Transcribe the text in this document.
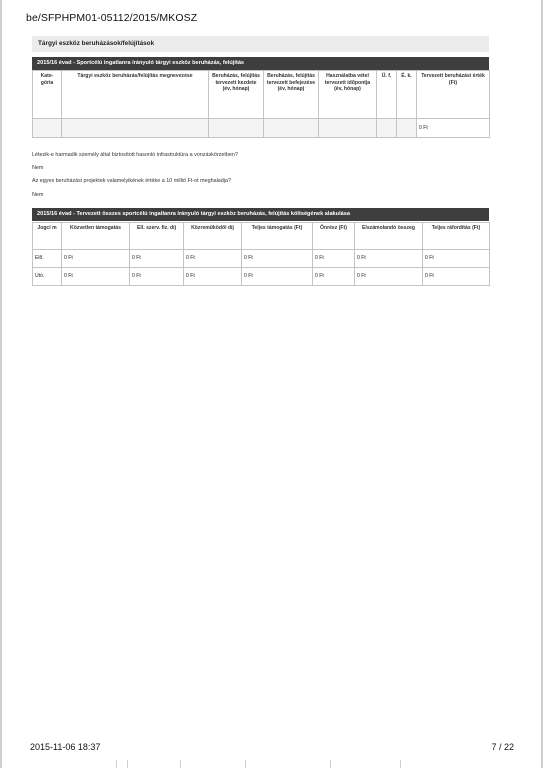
be/SFPHPM01-05112/2015/MKOSZ
Tárgyi eszköz beruházások/felújítások
2015/16 évad - Sportcélú ingatlanra irányuló tárgyi eszköz beruházás, felújítás
Kate-gória	Tárgyi eszköz beruházás/felújítás megnevezése	Beruházás, felújítás tervezett kezdete (év, hónap)	Beruházás, felújítás tervezett befejezése (év, hónap)	Használatba vétel tervezett időpontja (év, hónap)	Ü. f.	É. k.	Tervezett beruházási érték (Ft)
							0 Ft
Létezik-e harmadik személy által biztosított hasonló infrastruktúra a vonzáskörzetben?
Nem
Az egyes beruházási projektek valamelyikének értéke a 10 millió Ft-ot meghaladja?
Nem
2015/16 évad - Tervezett összes sportcélú ingatlanra irányuló tárgyi eszköz beruházás, felújítás költségének alakulása
Jogcí m	Közvetlen támogatás	Ell. szerv. fiz. díj	Közreműködői díj	Teljes támogatás (Ft)	Önrész (Ft)	Elszámolandó összeg	Teljes ráfordítás (Ft)
Elő.	0 Ft	0 Ft	0 Ft	0 Ft	0 Ft	0 Ft	0 Ft
Utó.	0 Ft	0 Ft	0 Ft	0 Ft	0 Ft	0 Ft	0 Ft
2015-11-06 18:37	7 / 22
